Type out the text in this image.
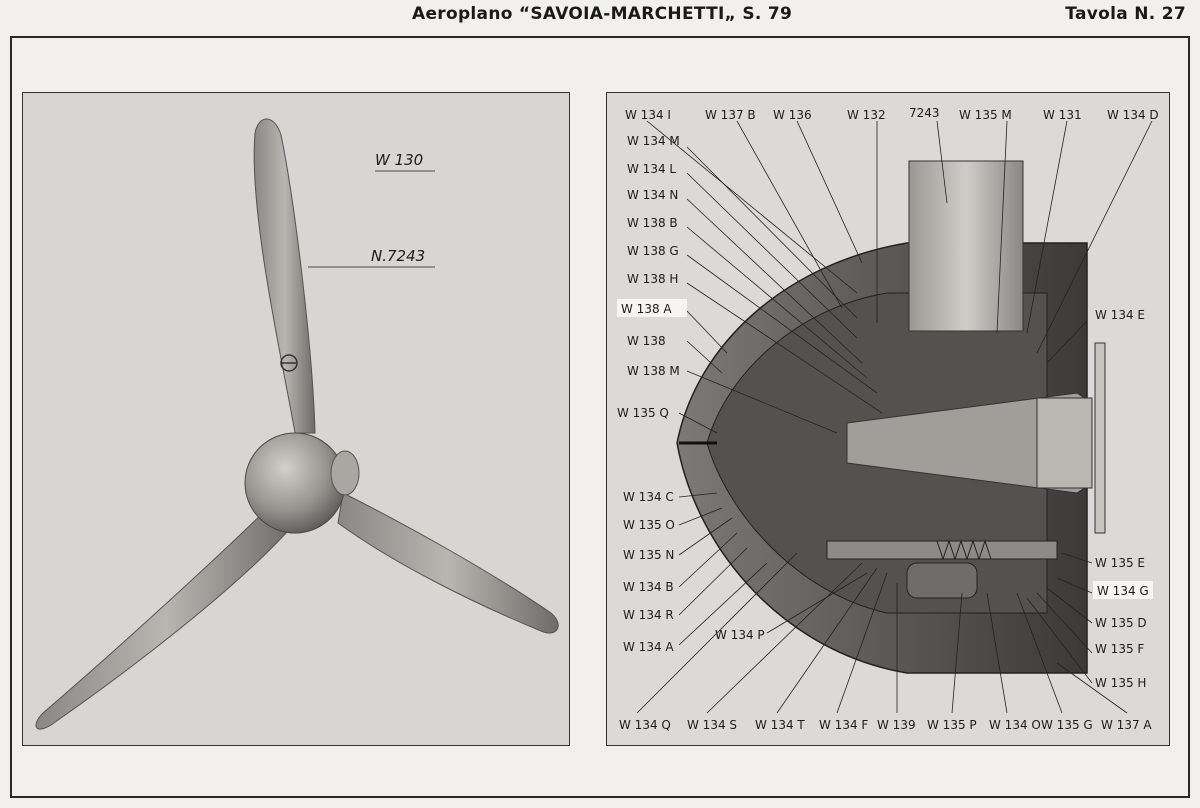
Aeroplano “SAVOIA-MARCHETTI„ S. 79	Tavola N. 27
W 130
N.7243
W 134 I	W 137 B W 136	W 132 7243 W 135 M	W 131 W 134 D
W 134 M
W 134 L
W 134 N
W 138 B
W 138 G
W 138 H
W 138 A
W 138
W 138 M
W 135 Q
W 134 C
W 135 O
W 135 N
W 134 B
W 134 R
W 134 P
W 134 A
W 134 E
W 135 E
W 134 G
W 135 D
W 135 F
W 135 H
W 134 Q W 134 S W 134 T W 134 F W 139 W 135 P W 134 O W 135 G W 137 A
